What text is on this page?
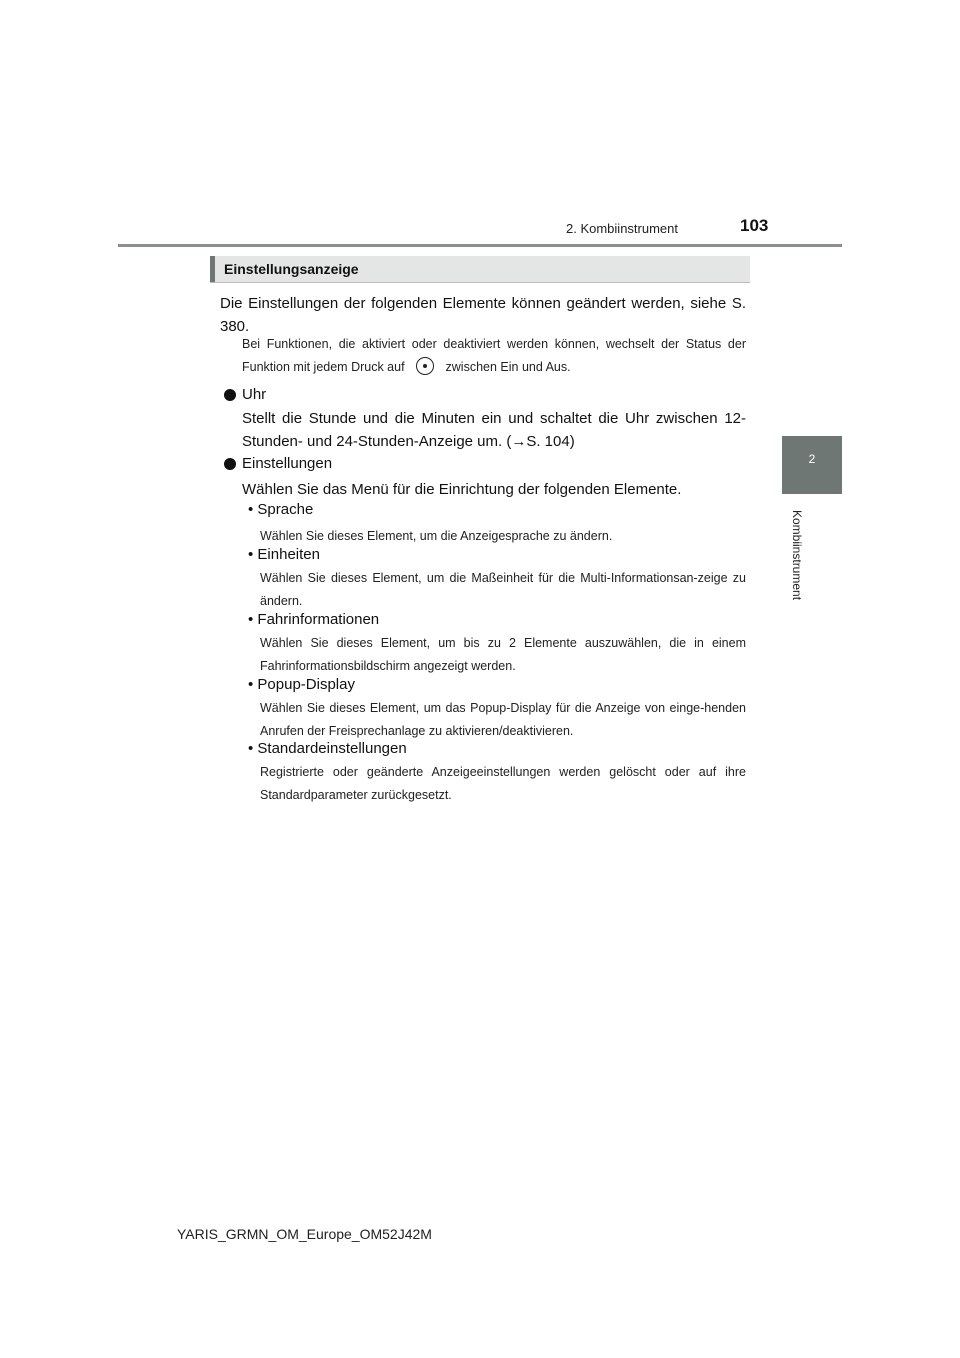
2. Kombiinstrument	103
2
Kombiinstrument
Einstellungsanzeige
Die Einstellungen der folgenden Elemente können geändert werden, siehe S. 380.
Bei Funktionen, die aktiviert oder deaktiviert werden können, wechselt der Status der Funktion mit jedem Druck auf	zwischen Ein und Aus.
Uhr
Stellt die Stunde und die Minuten ein und schaltet die Uhr zwischen 12-Stunden- und 24-Stunden-Anzeige um. (→S. 104)
Einstellungen
Wählen Sie das Menü für die Einrichtung der folgenden Elemente.
• Sprache
Wählen Sie dieses Element, um die Anzeigesprache zu ändern.
• Einheiten
Wählen Sie dieses Element, um die Maßeinheit für die Multi-Informationsan-zeige zu ändern.
• Fahrinformationen
Wählen Sie dieses Element, um bis zu 2 Elemente auszuwählen, die in einem Fahrinformationsbildschirm angezeigt werden.
• Popup-Display
Wählen Sie dieses Element, um das Popup-Display für die Anzeige von einge-henden Anrufen der Freisprechanlage zu aktivieren/deaktivieren.
• Standardeinstellungen
Registrierte oder geänderte Anzeigeeinstellungen werden gelöscht oder auf ihre Standardparameter zurückgesetzt.
YARIS_GRMN_OM_Europe_OM52J42M
